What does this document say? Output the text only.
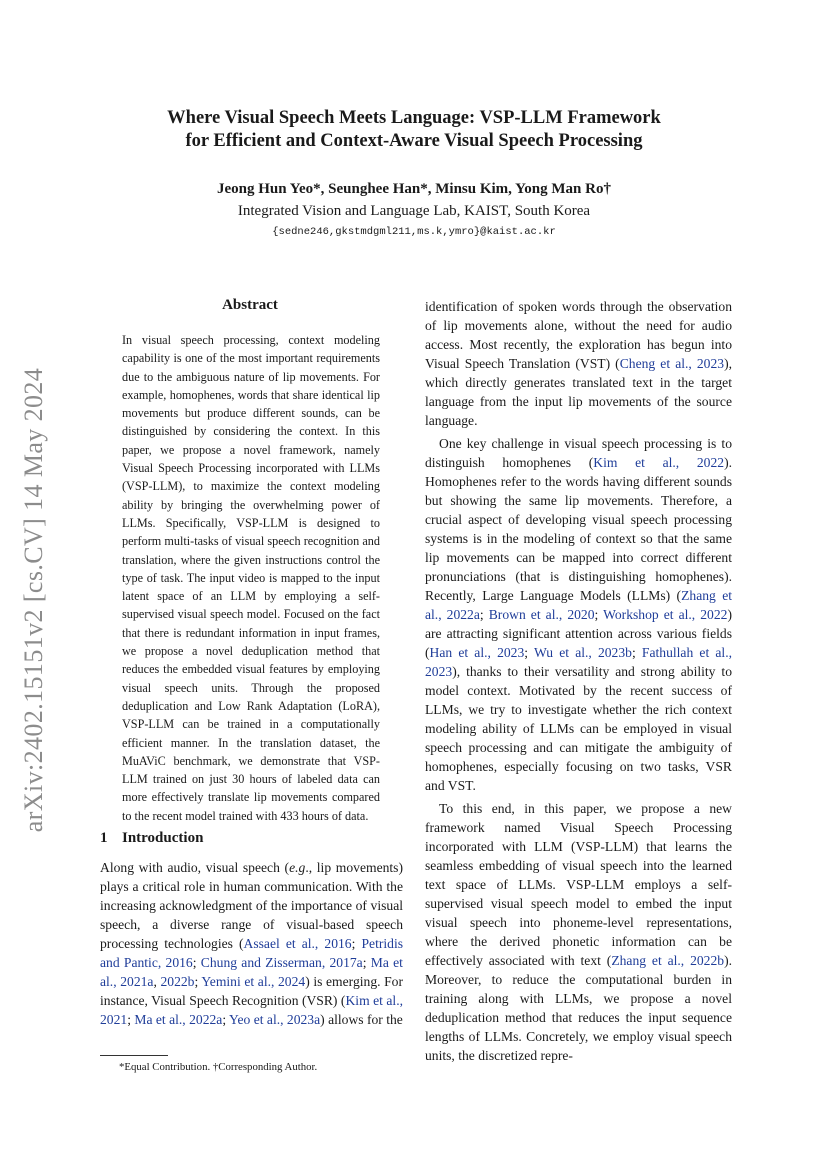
arXiv:2402.15151v2 [cs.CV] 14 May 2024
Where Visual Speech Meets Language: VSP-LLM Framework
for Efficient and Context-Aware Visual Speech Processing

Jeong Hun Yeo*, Seunghee Han*, Minsu Kim, Yong Man Ro†

Integrated Vision and Language Lab, KAIST, South Korea

{sedne246,gkstmdgml211,ms.k,ymro}@kaist.ac.kr

Abstract

In visual speech processing, context modeling capability is one of the most important requirements due to the ambiguous nature of lip movements. For example, homophenes, words that share identical lip movements but produce different sounds, can be distinguished by considering the context. In this paper, we propose a novel framework, namely Visual Speech Processing incorporated with LLMs (VSP-LLM), to maximize the context modeling ability by bringing the overwhelming power of LLMs. Specifically, VSP-LLM is designed to perform multi-tasks of visual speech recognition and translation, where the given instructions control the type of task. The input video is mapped to the input latent space of an LLM by employing a self-supervised visual speech model. Focused on the fact that there is redundant information in input frames, we propose a novel deduplication method that reduces the embedded visual features by employing visual speech units. Through the proposed deduplication and Low Rank Adaptation (LoRA), VSP-LLM can be trained in a computationally efficient manner. In the translation dataset, the MuAViC benchmark, we demonstrate that VSP-LLM trained on just 30 hours of labeled data can more effectively translate lip movements compared to the recent model trained with 433 hours of data.

1 Introduction

Along with audio, visual speech (e.g., lip movements) plays a critical role in human communication. With the increasing acknowledgment of the importance of visual speech, a diverse range of visual-based speech processing technologies (Assael et al., 2016; Petridis and Pantic, 2016; Chung and Zisserman, 2017a; Ma et al., 2021a, 2022b; Yemini et al., 2024) is emerging. For instance, Visual Speech Recognition (VSR) (Kim et al., 2021; Ma et al., 2022a; Yeo et al., 2023a) allows for the

*Equal Contribution. †Corresponding Author.

identification of spoken words through the observation of lip movements alone, without the need for audio access. Most recently, the exploration has begun into Visual Speech Translation (VST) (Cheng et al., 2023), which directly generates translated text in the target language from the input lip movements of the source language.

One key challenge in visual speech processing is to distinguish homophenes (Kim et al., 2022). Homophenes refer to the words having different sounds but showing the same lip movements. Therefore, a crucial aspect of developing visual speech processing systems is in the modeling of context so that the same lip movements can be mapped into correct different pronunciations (that is distinguishing homophenes). Recently, Large Language Models (LLMs) (Zhang et al., 2022a; Brown et al., 2020; Workshop et al., 2022) are attracting significant attention across various fields (Han et al., 2023; Wu et al., 2023b; Fathullah et al., 2023), thanks to their versatility and strong ability to model context. Motivated by the recent success of LLMs, we try to investigate whether the rich context modeling ability of LLMs can be employed in visual speech processing and can mitigate the ambiguity of homophenes, especially focusing on two tasks, VSR and VST.

To this end, in this paper, we propose a new framework named Visual Speech Processing incorporated with LLM (VSP-LLM) that learns the seamless embedding of visual speech into the learned text space of LLMs. VSP-LLM employs a self-supervised visual speech model to embed the input visual speech into phoneme-level representations, where the derived phonetic information can be effectively associated with text (Zhang et al., 2022b). Moreover, to reduce the computational burden in training along with LLMs, we propose a novel deduplication method that reduces the input sequence lengths of LLMs. Concretely, we employ visual speech units, the discretized repre-
